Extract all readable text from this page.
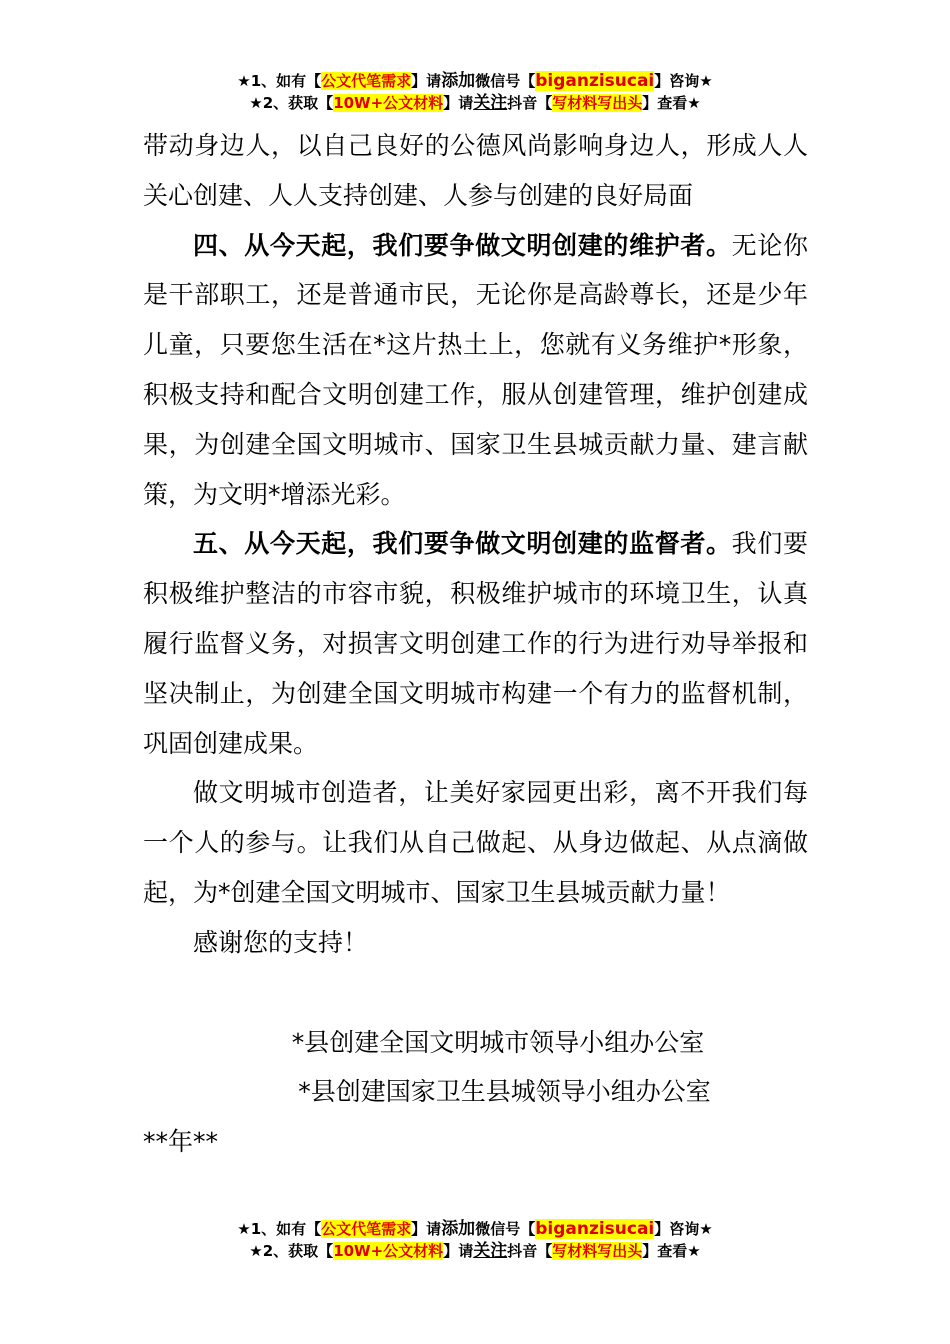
★1、如有【公文代笔需求】请添加微信号【biganzisucai】咨询★
★2、获取【10W+公文材料】请关注抖音【写材料写出头】查看★

带动身边人，以自己良好的公德风尚影响身边人，形成人人关心创建、人人支持创建、人参与创建的良好局面

四、从今天起，我们要争做文明创建的维护者。无论你是干部职工，还是普通市民，无论你是高龄尊长，还是少年儿童，只要您生活在*这片热土上，您就有义务维护*形象，积极支持和配合文明创建工作，服从创建管理，维护创建成果，为创建全国文明城市、国家卫生县城贡献力量、建言献策，为文明*增添光彩。

五、从今天起，我们要争做文明创建的监督者。我们要积极维护整洁的市容市貌，积极维护城市的环境卫生，认真履行监督义务，对损害文明创建工作的行为进行劝导举报和坚决制止，为创建全国文明城市构建一个有力的监督机制，巩固创建成果。

做文明城市创造者，让美好家园更出彩，离不开我们每一个人的参与。让我们从自己做起、从身边做起、从点滴做起，为*创建全国文明城市、国家卫生县城贡献力量！

感谢您的支持！

*县创建全国文明城市领导小组办公室

*县创建国家卫生县城领导小组办公室

**年**

★1、如有【公文代笔需求】请添加微信号【biganzisucai】咨询★
★2、获取【10W+公文材料】请关注抖音【写材料写出头】查看★
